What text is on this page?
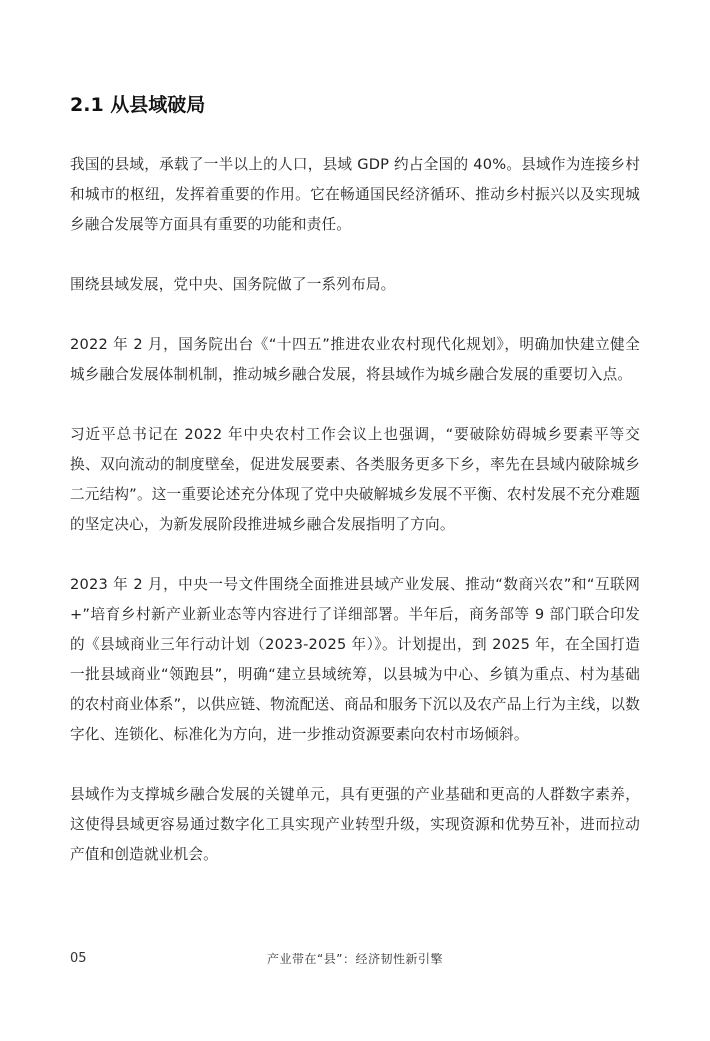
2.1 从县域破局

我国的县域，承载了一半以上的人口，县域 GDP 约占全国的 40%。县域作为连接乡村和城市的枢纽，发挥着重要的作用。它在畅通国民经济循环、推动乡村振兴以及实现城乡融合发展等方面具有重要的功能和责任。

围绕县域发展，党中央、国务院做了一系列布局。

2022 年 2 月，国务院出台《“十四五”推进农业农村现代化规划》，明确加快建立健全城乡融合发展体制机制，推动城乡融合发展，将县域作为城乡融合发展的重要切入点。

习近平总书记在 2022 年中央农村工作会议上也强调，“要破除妨碍城乡要素平等交换、双向流动的制度壁垒，促进发展要素、各类服务更多下乡，率先在县域内破除城乡二元结构”。这一重要论述充分体现了党中央破解城乡发展不平衡、农村发展不充分难题的坚定决心，为新发展阶段推进城乡融合发展指明了方向。

2023 年 2 月，中央一号文件围绕全面推进县域产业发展、推动“数商兴农”和“互联网 +”培育乡村新产业新业态等内容进行了详细部署。半年后，商务部等 9 部门联合印发的《县域商业三年行动计划（2023-2025 年）》。计划提出，到 2025 年，在全国打造一批县域商业“领跑县”，明确“建立县域统筹，以县城为中心、乡镇为重点、村为基础的农村商业体系”，以供应链、物流配送、商品和服务下沉以及农产品上行为主线，以数字化、连锁化、标准化为方向，进一步推动资源要素向农村市场倾斜。

县域作为支撑城乡融合发展的关键单元，具有更强的产业基础和更高的人群数字素养，这使得县域更容易通过数字化工具实现产业转型升级，实现资源和优势互补，进而拉动产值和创造就业机会。

05	产业带在“县”：经济韧性新引擎
